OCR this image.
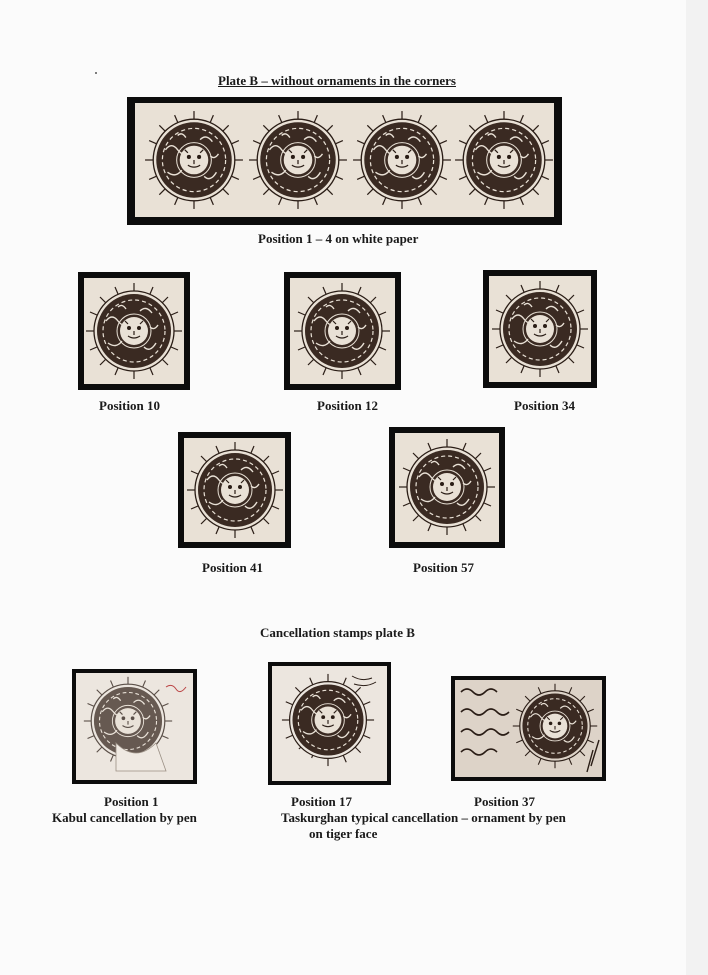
Plate B – without ornaments in the corners
Position 1 – 4 on white paper
Position 10	Position 12	Position 34
Position 41	Position 57
Cancellation stamps plate B
Position 1
Kabul cancellation by pen
Position 17
Taskurghan typical cancellation – ornament by pen
on tiger face
Position 37
